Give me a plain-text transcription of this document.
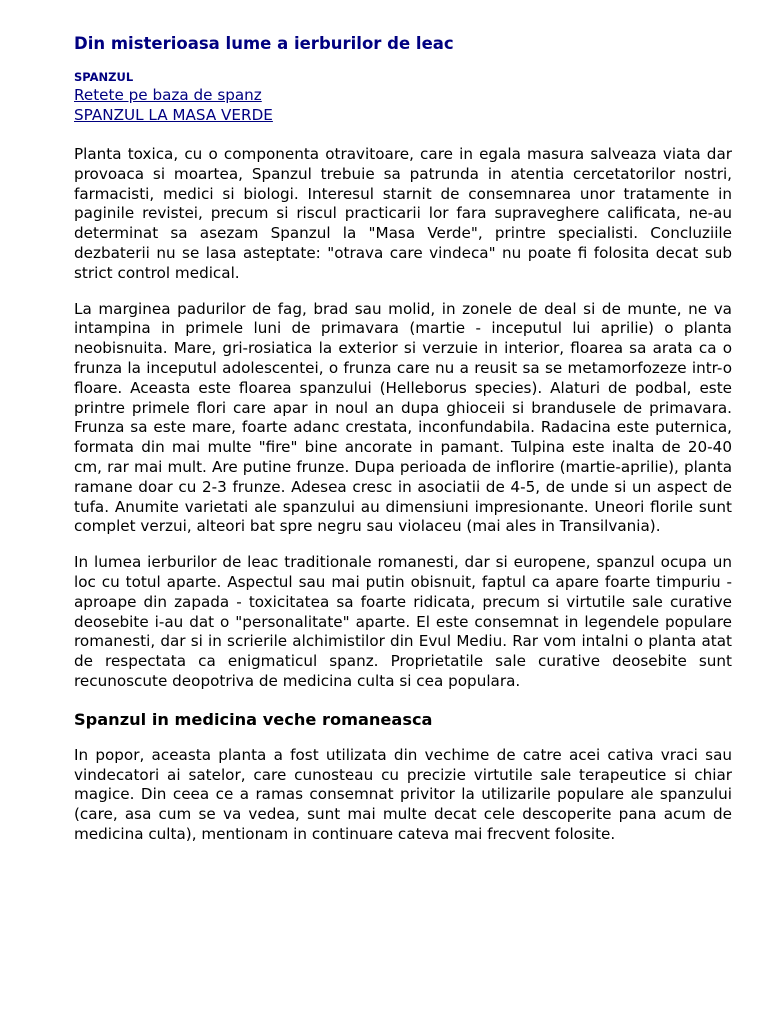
Din misterioasa lume a ierburilor de leac
SPANZUL
Retete pe baza de spanz
SPANZUL LA MASA VERDE

Planta toxica, cu o componenta otravitoare, care in egala masura salveaza viata dar provoaca si moartea, Spanzul trebuie sa patrunda in atentia cercetatorilor nostri, farmacisti, medici si biologi. Interesul starnit de consemnarea unor tratamente in paginile revistei, precum si riscul practicarii lor fara supraveghere calificata, ne-au determinat sa asezam Spanzul la "Masa Verde", printre specialisti. Concluziile dezbaterii nu se lasa asteptate: "otrava care vindeca" nu poate fi folosita decat sub strict control medical.

La marginea padurilor de fag, brad sau molid, in zonele de deal si de munte, ne va intampina in primele luni de primavara (martie - inceputul lui aprilie) o planta neobisnuita. Mare, gri-rosiatica la exterior si verzuie in interior, floarea sa arata ca o frunza la inceputul adolescentei, o frunza care nu a reusit sa se metamorfozeze intr-o floare. Aceasta este floarea spanzului (Helleborus species). Alaturi de podbal, este printre primele flori care apar in noul an dupa ghioceii si brandusele de primavara. Frunza sa este mare, foarte adanc crestata, inconfundabila. Radacina este puternica, formata din mai multe "fire" bine ancorate in pamant. Tulpina este inalta de 20-40 cm, rar mai mult. Are putine frunze. Dupa perioada de inflorire (martie-aprilie), planta ramane doar cu 2-3 frunze. Adesea cresc in asociatii de 4-5, de unde si un aspect de tufa. Anumite varietati ale spanzului au dimensiuni impresionante. Uneori florile sunt complet verzui, alteori bat spre negru sau violaceu (mai ales in Transilvania).

In lumea ierburilor de leac traditionale romanesti, dar si europene, spanzul ocupa un loc cu totul aparte. Aspectul sau mai putin obisnuit, faptul ca apare foarte timpuriu - aproape din zapada - toxicitatea sa foarte ridicata, precum si virtutile sale curative deosebite i-au dat o "personalitate" aparte. El este consemnat in legendele populare romanesti, dar si in scrierile alchimistilor din Evul Mediu. Rar vom intalni o planta atat de respectata ca enigmaticul spanz. Proprietatile sale curative deosebite sunt recunoscute deopotriva de medicina culta si cea populara.

Spanzul in medicina veche romaneasca

In popor, aceasta planta a fost utilizata din vechime de catre acei cativa vraci sau vindecatori ai satelor, care cunosteau cu precizie virtutile sale terapeutice si chiar magice. Din ceea ce a ramas consemnat privitor la utilizarile populare ale spanzului (care, asa cum se va vedea, sunt mai multe decat cele descoperite pana acum de medicina culta), mentionam in continuare cateva mai frecvent folosite.
